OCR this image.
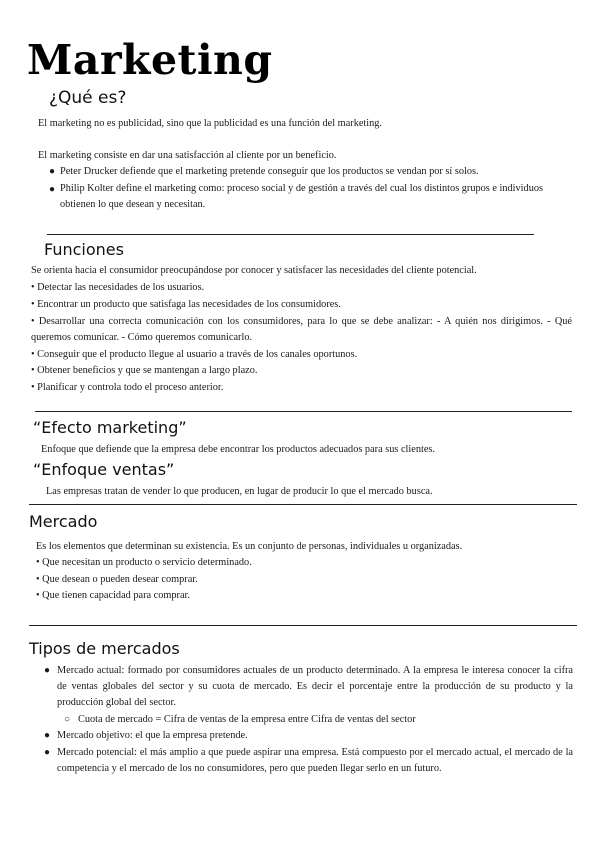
Marketing
¿Qué es?
El marketing no es publicidad, sino que la publicidad es una función del marketing.
El marketing consiste en dar una satisfacción al cliente por un beneficio.
● Peter Drucker defiende que el marketing pretende conseguir que los productos se vendan por sí solos.
● Philip Kolter define el marketing como: proceso social y de gestión a través del cual los distintos grupos e individuos obtienen lo que desean y necesitan.
Funciones
Se orienta hacia el consumidor preocupándose por conocer y satisfacer las necesidades del cliente potencial.
• Detectar las necesidades de los usuarios.
• Encontrar un producto que satisfaga las necesidades de los consumidores.
• Desarrollar una correcta comunicación con los consumidores, para lo que se debe analizar: - A quién nos dirigimos. - Qué queremos comunicar. - Cómo queremos comunicarlo.
• Conseguir que el producto llegue al usuario a través de los canales oportunos.
• Obtener beneficios y que se mantengan a largo plazo.
• Planificar y controla todo el proceso anterior.
“Efecto marketing”
Enfoque que defiende que la empresa debe encontrar los productos adecuados para sus clientes.
“Enfoque ventas”
Las empresas tratan de vender lo que producen, en lugar de producir lo que el mercado busca.
Mercado
Es los elementos que determinan su existencia. Es un conjunto de personas, individuales u organizadas.
• Que necesitan un producto o servicio determinado.
• Que desean o pueden desear comprar.
• Que tienen capacidad para comprar.
Tipos de mercados
● Mercado actual: formado por consumidores actuales de un producto determinado. A la empresa le interesa conocer la cifra de ventas globales del sector y su cuota de mercado. Es decir el porcentaje entre la producción de su producto y la producción global del sector.
○ Cuota de mercado = Cifra de ventas de la empresa entre Cifra de ventas del sector
● Mercado objetivo: el que la empresa pretende.
● Mercado potencial: el más amplio a que puede aspirar una empresa. Está compuesto por el mercado actual, el mercado de la competencia y el mercado de los no consumidores, pero que pueden llegar serlo en un futuro.
